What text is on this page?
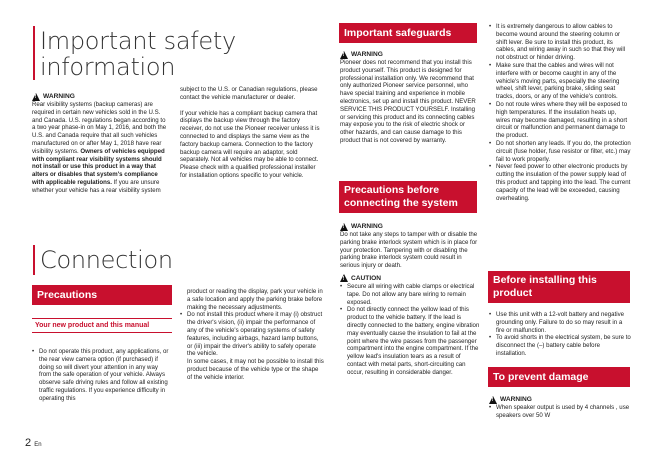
Important safety
information
!
WARNING

Rear visibility systems (backup cameras) are required in certain new vehicles sold in the U.S. and Canada. U.S. regulations began according to a two year phase-in on May 1, 2016, and both the U.S. and Canada require that all such vehicles manufactured on or after May 1, 2018 have rear visibility systems. Owners of vehicles equipped with compliant rear visibility systems should not install or use this product in a way that alters or disables that system's compliance with applicable regulations. If you are unsure whether your vehicle has a rear visibility system

subject to the U.S. or Canadian regulations, please contact the vehicle manufacturer or dealer.

If your vehicle has a compliant backup camera that displays the backup view through the factory receiver, do not use the Pioneer receiver unless it is connected to and displays the same view as the factory backup camera. Connection to the factory backup camera will require an adaptor, sold separately. Not all vehicles may be able to connect. Please check with a qualified professional installer for installation options specific to your vehicle.

Connection
Precautions
Your new product and this manual
• Do not operate this product, any applications, or the rear view camera option (if purchased) if doing so will divert your attention in any way from the safe operation of your vehicle. Always observe safe driving rules and follow all existing traffic regulations. If you experience difficulty in operating this

product or reading the display, park your vehicle in a safe location and apply the parking brake before making the necessary adjustments.

• Do not install this product where it may (i) obstruct the driver's vision, (ii) impair the performance of any of the vehicle's operating systems of safety features, including airbags, hazard lamp buttons, or (iii) impair the driver's ability to safely operate the vehicle.

In some cases, it may not be possible to install this product because of the vehicle type or the shape of the vehicle interior.

Important safeguards
!
WARNING

Pioneer does not recommend that you install this product yourself. This product is designed for professional installation only. We recommend that only authorized Pioneer service personnel, who have special training and experience in mobile electronics, set up and install this product. NEVER SERVICE THIS PRODUCT YOURSELF. Installing or servicing this product and its connecting cables may expose you to the risk of electric shock or other hazards, and can cause damage to this product that is not covered by warranty.

Precautions before
connecting the system
!
WARNING

Do not take any steps to tamper with or disable the parking brake interlock system which is in place for your protection. Tampering with or disabling the parking brake interlock system could result in serious injury or death.

!
CAUTION
• Secure all wiring with cable clamps or electrical tape. Do not allow any bare wiring to remain exposed.
• Do not directly connect the yellow lead of this product to the vehicle battery. If the lead is directly connected to the battery, engine vibration may eventually cause the insulation to fail at the point where the wire passes from the passenger compartment into the engine compartment. If the yellow lead's insulation tears as a result of contact with metal parts, short-circuiting can occur, resulting in considerable danger.
• It is extremely dangerous to allow cables to become wound around the steering column or shift lever. Be sure to install this product, its cables, and wiring away in such so that they will not obstruct or hinder driving.
• Make sure that the cables and wires will not interfere with or become caught in any of the vehicle's moving parts, especially the steering wheel, shift lever, parking brake, sliding seat tracks, doors, or any of the vehicle's controls.
• Do not route wires where they will be exposed to high temperatures. If the insulation heats up, wires may become damaged, resulting in a short circuit or malfunction and permanent damage to the product.
• Do not shorten any leads. If you do, the protection circuit (fuse holder, fuse resistor or filter, etc.) may fail to work properly.
• Never feed power to other electronic products by cutting the insulation of the power supply lead of this product and tapping into the lead. The current capacity of the lead will be exceeded, causing overheating.
Before installing this
product
• Use this unit with a 12-volt battery and negative grounding only. Failure to do so may result in a fire or malfunction.
• To avoid shorts in the electrical system, be sure to disconnect the (–) battery cable before installation.
To prevent damage
!
WARNING
• When speaker output is used by 4 channels , use speakers over 50 W
2 En
